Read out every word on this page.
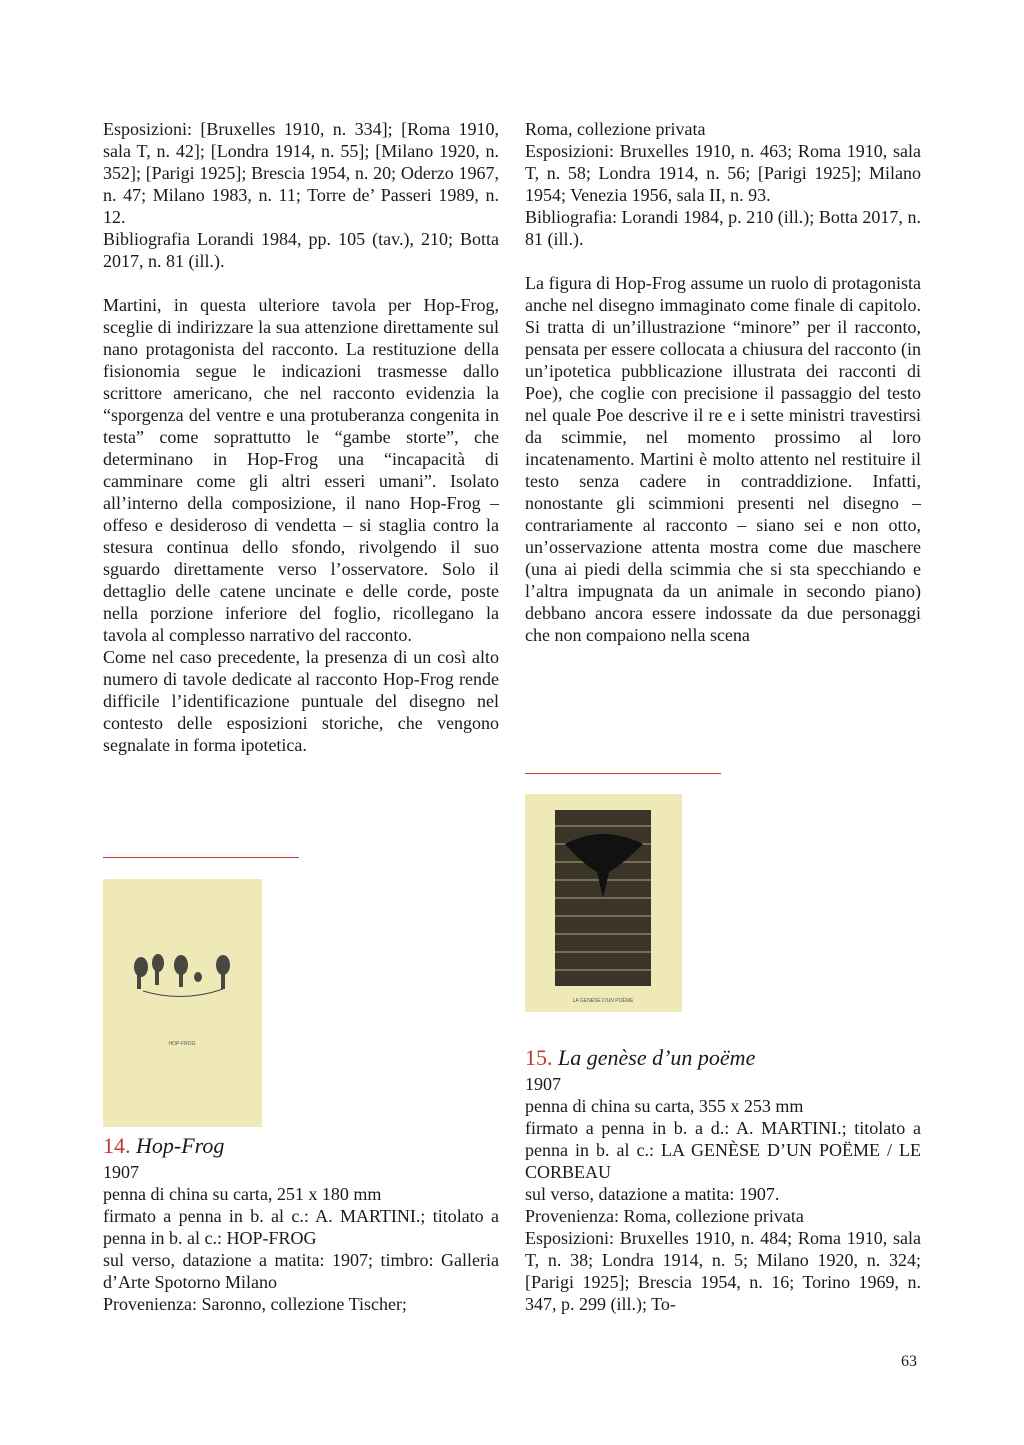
Esposizioni: [Bruxelles 1910, n. 334]; [Roma 1910, sala T, n. 42]; [Londra 1914, n. 55]; [Milano 1920, n. 352]; [Parigi 1925]; Brescia 1954, n. 20; Oderzo 1967, n. 47; Milano 1983, n. 11; Torre de’ Passeri 1989, n. 12.

Bibliografia Lorandi 1984, pp. 105 (tav.), 210; Botta 2017, n. 81 (ill.).

Martini, in questa ulteriore tavola per Hop-Frog, sceglie di indirizzare la sua attenzione direttamente sul nano protagonista del racconto. La restituzione della fisionomia segue le indicazioni trasmesse dallo scrittore americano, che nel racconto evidenzia la “sporgenza del ventre e una protuberanza congenita in testa” come soprattutto le “gambe storte”, che determinano in Hop-Frog una “incapacità di camminare come gli altri esseri umani”. Isolato all’interno della composizione, il nano Hop-Frog – offeso e desideroso di vendetta – si staglia contro la stesura continua dello sfondo, rivolgendo il suo sguardo direttamente verso l’osservatore. Solo il dettaglio delle catene uncinate e delle corde, poste nella porzione inferiore del foglio, ricollegano la tavola al complesso narrativo del racconto.

Come nel caso precedente, la presenza di un così alto numero di tavole dedicate al racconto Hop-Frog rende difficile l’identificazione puntuale del disegno nel contesto delle esposizioni storiche, che vengono segnalate in forma ipotetica.

HOP-FROG
14. Hop-Frog
1907
penna di china su carta, 251 x 180 mm
firmato a penna in b. al c.: A. MARTINI.; titolato a penna in b. al c.: HOP-FROG
sul verso, datazione a matita: 1907; timbro: Galleria d’Arte Spotorno Milano
Provenienza: Saronno, collezione Tischer;

Roma, collezione privata

Esposizioni: Bruxelles 1910, n. 463; Roma 1910, sala T, n. 58; Londra 1914, n. 56; [Parigi 1925]; Milano 1954; Venezia 1956, sala II, n. 93.

Bibliografia: Lorandi 1984, p. 210 (ill.); Botta 2017, n. 81 (ill.).

La figura di Hop-Frog assume un ruolo di protagonista anche nel disegno immaginato come finale di capitolo. Si tratta di un’illustrazione “minore” per il racconto, pensata per essere collocata a chiusura del racconto (in un’ipotetica pubblicazione illustrata dei racconti di Poe), che coglie con precisione il passaggio del testo nel quale Poe descrive il re e i sette ministri travestirsi da scimmie, nel momento prossimo al loro incatenamento. Martini è molto attento nel restituire il testo senza cadere in contraddizione. Infatti, nonostante gli scimmioni presenti nel disegno – contrariamente al racconto – siano sei e non otto, un’osservazione attenta mostra come due maschere (una ai piedi della scimmia che si sta specchiando e l’altra impugnata da un animale in secondo piano) debbano ancora essere indossate da due personaggi che non compaiono nella scena

LA GENÈSE D'UN POËME
15. La genèse d’un poëme
1907
penna di china su carta, 355 x 253 mm
firmato a penna in b. a d.: A. MARTINI.; titolato a penna in b. al c.: LA GENÈSE D’UN POËME / LE CORBEAU
sul verso, datazione a matita: 1907.
Provenienza: Roma, collezione privata
Esposizioni: Bruxelles 1910, n. 484; Roma 1910, sala T, n. 38; Londra 1914, n. 5; Milano 1920, n. 324; [Parigi 1925]; Brescia 1954, n. 16; Torino 1969, n. 347, p. 299 (ill.); To-
63
